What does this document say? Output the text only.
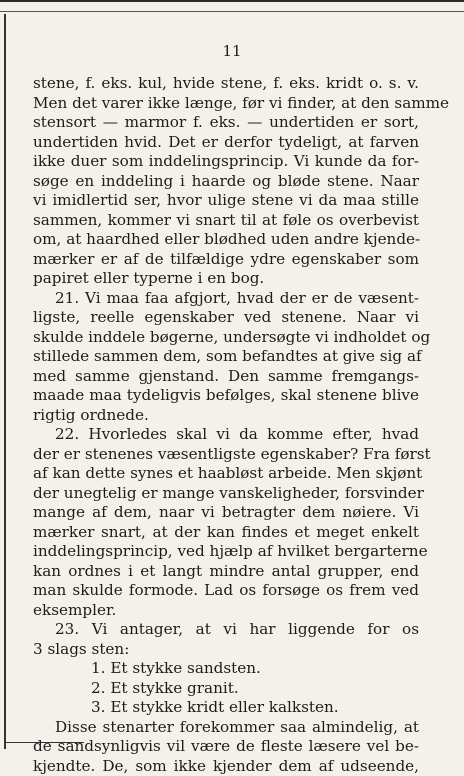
11
stene, f. eks. kul, hvide stene, f. eks. kridt o. s. v.
Men det varer ikke længe, før vi finder, at den samme
stensort — marmor f. eks. — undertiden er sort,
undertiden hvid. Det er derfor tydeligt, at farven
ikke duer som inddelingsprincip. Vi kunde da for-
søge en inddeling i haarde og bløde stene. Naar
vi imidlertid ser, hvor ulige stene vi da maa stille
sammen, kommer vi snart til at føle os overbevist
om, at haardhed eller blødhed uden andre kjende-
mærker er af de tilfældige ydre egenskaber som
papiret eller typerne i en bog.
21. Vi maa faa afgjort, hvad der er de væsent-
ligste, reelle egenskaber ved stenene. Naar vi
skulde inddele bøgerne, undersøgte vi indholdet og
stillede sammen dem, som befandtes at give sig af
med samme gjenstand. Den samme fremgangs-
maade maa tydeligvis befølges, skal stenene blive
rigtig ordnede.
22. Hvorledes skal vi da komme efter, hvad
der er stenenes væsentligste egenskaber? Fra først
af kan dette synes et haabløst arbeide. Men skjønt
der unegtelig er mange vanskeligheder, forsvinder
mange af dem, naar vi betragter dem nøiere. Vi
mærker snart, at der kan findes et meget enkelt
inddelingsprincip, ved hjælp af hvilket bergarterne
kan ordnes i et langt mindre antal grupper, end
man skulde formode. Lad os forsøge os frem ved
eksempler.
23. Vi antager, at vi har liggende for os
3 slags sten:
1. Et stykke sandsten.
2. Et stykke granit.
3. Et stykke kridt eller kalksten.
Disse stenarter forekommer saa almindelig, at
de sandsynligvis vil være de fleste læsere vel be-
kjendte. De, som ikke kjender dem af udseende,
